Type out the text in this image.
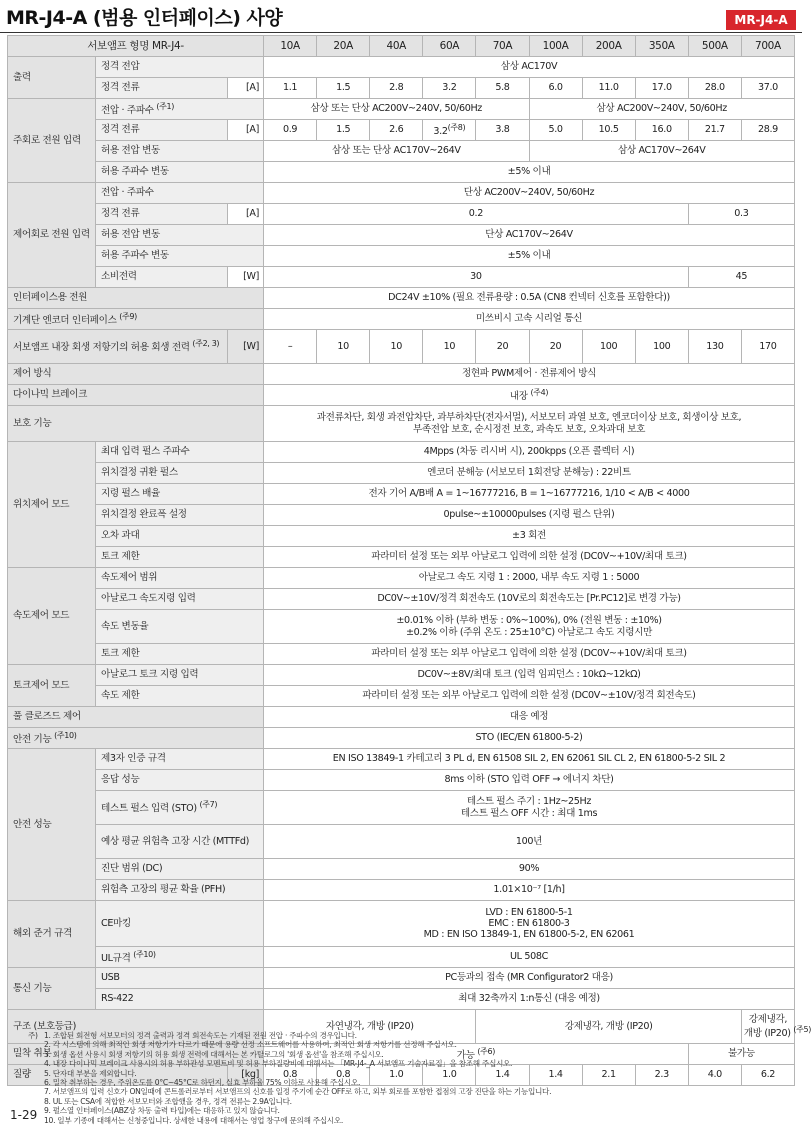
MR-J4-A (범용 인터페이스) 사양	MR-J4-A
서보앰프 형명 MR-J4-			10A	20A	40A	60A	70A	100A	200A	350A	500A	700A
출력	정격 전압		삼상 AC170V									
	정격 전류	[A]	1.1	1.5	2.8	3.2	5.8	6.0	11.0	17.0	28.0	37.0
주회로 전원 입력	전압 · 주파수 $^{(주1)}$		삼상 또는 단상 AC200V~240V, 50/60Hz					삼상 AC200V~240V, 50/60Hz				
	정격 전류	[A]	0.9	1.5	2.6	$3.2^{(주8)}$	3.8	5.0	10.5	16.0	21.7	28.9
	허용 전압 변동		삼상 또는 단상 AC170V~264V					삼상 AC170V~264V				
	허용 주파수 변동		±5% 이내									
제어회로 전원 입력	전압 · 주파수		단상 AC200V~240V, 50/60Hz									
	정격 전류	[A]	0.2								0.3	
	허용 전압 변동		단상 AC170V~264V									
	허용 주파수 변동		±5% 이내									
	소비전력	[W]	30								45	
인터페이스용 전원			DC24V ±10% (필요 전류용량 : 0.5A (CN8 컨넥터 신호를 포함한다))									
기계단 엔코더 인터페이스 $^{(주9)}$			미쓰비시 고속 시리얼 통신									
서보앰프 내장 회생 저항기의 허용 회생 전력 $^{(주2, 3)}$		[W]	–	10	10	10	20	20	100	100	130	170
제어 방식			정현파 PWM제어 · 전류제어 방식									
다이나믹 브레이크			내장 $^{(주4)}$
보호 기능			과전류차단, 회생 과전압차단, 과부하차단(전자서멀), 서보모터 과열 보호, 엔코더이상 보호, 회생이상 보호,
부족전압 보호, 순시정전 보호, 과속도 보호, 오차과대 보호									
위치제어 모드	최대 입력 펄스 주파수		4Mpps (차동 리시버 시), 200kpps (오픈 콜렉터 시)									
	위치결정 귀환 펄스		엔코더 분해능 (서보모터 1회전당 분해능) : 22비트									
	지령 펄스 배율		전자 기어 A/B배 A = 1~16777216, B = 1~16777216, 1/10 < A/B < 4000									
	위치결정 완료폭 설정		0pulse~±10000pulses (지령 펄스 단위)									
	오차 과대		±3 회전									
	토크 제한		파라미터 설정 또는 외부 아날로그 입력에 의한 설정 (DC0V~+10V/최대 토크)									
속도제어 모드	속도제어 범위		아날로그 속도 지령 1 : 2000, 내부 속도 지령 1 : 5000									
	아날로그 속도지령 입력		DC0V~±10V/정격 회전속도 (10V로의 회전속도는 [Pr.PC12]로 변경 가능)									
	속도 변동율		±0.01% 이하 (부하 변동 : 0%~100%), 0% (전원 변동 : ±10%)
±0.2% 이하 (주위 온도 : 25±10°C) 아날로그 속도 지령시만									
	토크 제한		파라미터 설정 또는 외부 아날로그 입력에 의한 설정 (DC0V~+10V/최대 토크)									
토크제어 모드	아날로그 토크 지령 입력		DC0V~±8V/최대 토크 (입력 임피던스 : 10kΩ~12kΩ)									
	속도 제한		파라미터 설정 또는 외부 아날로그 입력에 의한 설정 (DC0V~±10V/정격 회전속도)									
풀 클로즈드 제어			대응 예정									
안전 기능 $^{(주10)}$			STO (IEC/EN 61800-5-2)									
안전 성능	제3자 인증 규격		EN ISO 13849-1 카테고리 3 PL d, EN 61508 SIL 2, EN 62061 SIL CL 2, EN 61800-5-2 SIL 2									
	응답 성능		8ms 이하 (STO 입력 OFF → 에너지 차단)									
	테스트 펄스 입력 (STO) $^{(주7)}$		테스트 펄스 주기 : 1Hz~25Hz
테스트 펄스 OFF 시간 : 최대 1ms									
	예상 평균 위험측 고장 시간 (MTTFd)		100년									
	진단 범위 (DC)		90%									
	위험측 고장의 평균 확율 (PFH)		1.01×10⁻⁷ [1/h]									
해외 준거 규격	CE마킹		LVD : EN 61800-5-1
EMC : EN 61800-3
MD : EN ISO 13849-1, EN 61800-5-2, EN 62061									
	UL규격 $^{(주10)}$		UL 508C									
통신 기능	USB		PC등과의 접속 (MR Configurator2 대응)									
	RS-422		최대 32축까지 1:n통신 (대응 예정)									
구조 (보호등급)			자연냉각, 개방 (IP20)				강제냉각, 개방 (IP20)					강제냉각,
개방 (IP20) $^{(주5)}$
밀착 취부			가능 $^{(주6)}$								불가능	
질량		[kg]	0.8	0.8	1.0	1.0	1.4	1.4	2.1	2.3	4.0	6.2
주) 1. 조합된 회전형 서보모터의 정격 출력과 정격 회전속도는 기재된 전원 전압 · 주파수의 경우입니다.
2. 각 시스템에 의해 최적인 회생 저항기가 다르기 때문에 용량 선정 소프트웨어를 사용하여, 최적인 회생 저항기를 선정해 주십시오.
3. 회생 옵션 사용시 회생 저항기의 허용 회생 전력에 대해서는 본 카탈로그의 '회생 옵션'을 참조해 주십시오.
4. 내장 다이나믹 브레이크 사용시의 허용 부하관성 모멘트비 및 허용 부하질량비에 대해서는 「MR-J4-_A 서보앰프 기술자료집」을 참조해 주십시오.
5. 단자대 부분을 제외합니다.
6. 밀착 취부하는 경우, 주위온도를 0°C~45°C로 하던지, 실효 부하율 75% 이하로 사용해 주십시오.
7. 서보앰프의 입력 신호가 ON일때에 콘트롤러로부터 서보앰프의 신호를 일정 주기에 순간 OFF로 하고, 외부 회로를 포함한 접점의 고장 진단을 하는 기능입니다.
8. UL 또는 CSA에 적합한 서보모터와 조합했을 경우, 정격 전류는 2.9A입니다.
9. 펄스열 인터페이스(ABZ상 차동 출력 타입)에는 대응하고 있지 않습니다.
10. 일부 기종에 대해서는 신청중입니다. 상세한 내용에 대해서는 영업 창구에 문의해 주십시오.
1-29
